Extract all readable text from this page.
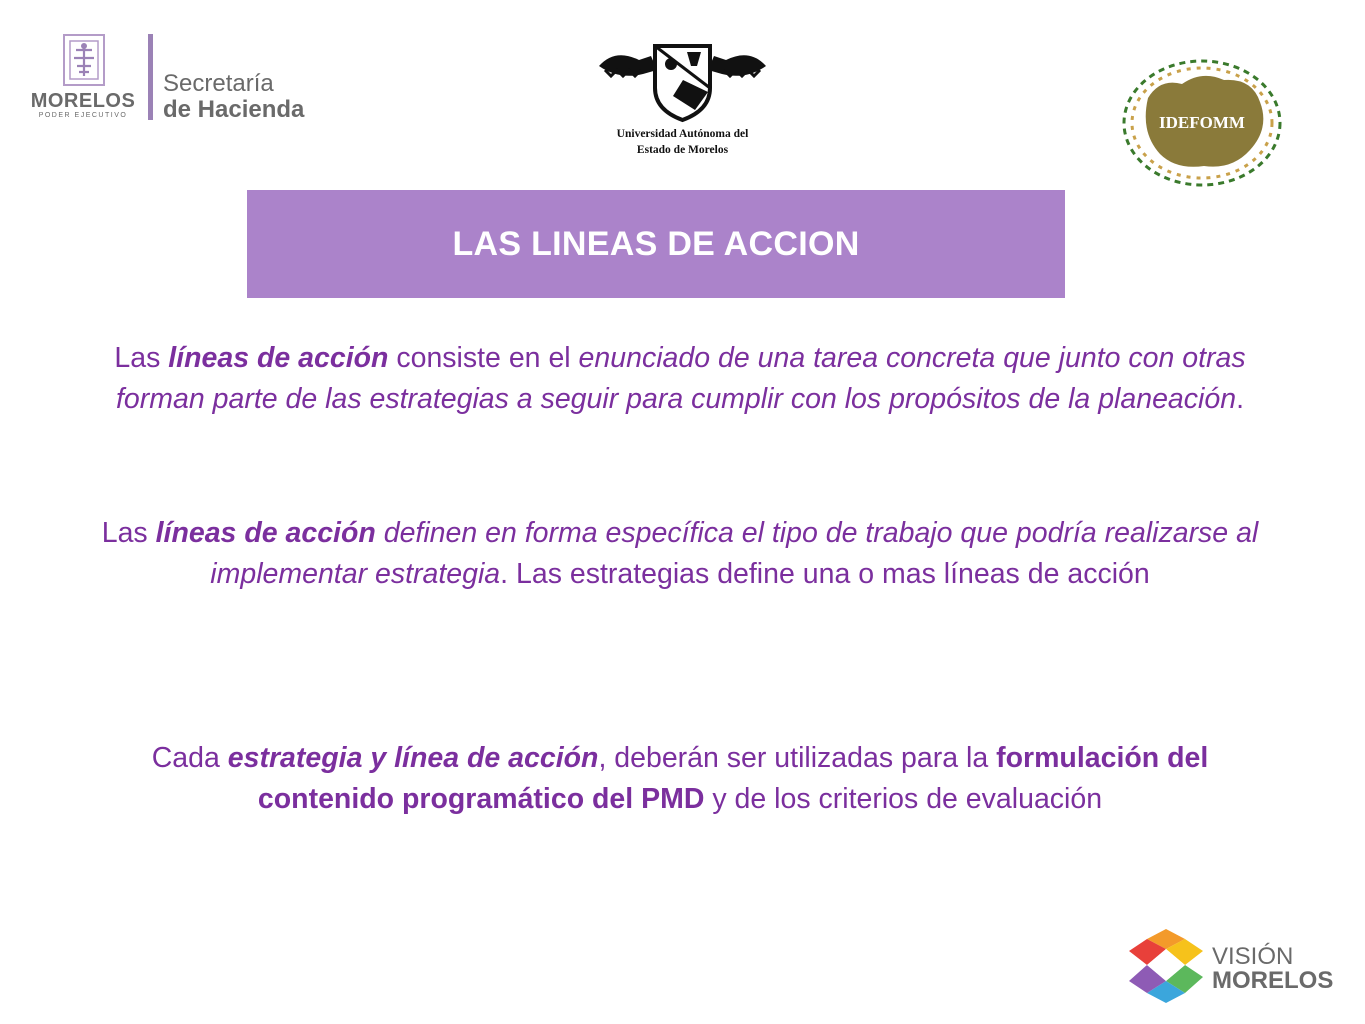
MORELOS
PODER EJECUTIVO
Secretaría
de Hacienda
Universidad Autónoma del
Estado de Morelos
IDEFOMM
LAS LINEAS DE ACCION
Las líneas de acción consiste en el enunciado de una tarea concreta que junto con otras forman parte de las estrategias a seguir para cumplir con los propósitos de la planeación.
Las líneas de acción definen en forma específica el tipo de trabajo que podría realizarse al implementar estrategia. Las estrategias define una o mas líneas de acción
Cada estrategia y línea de acción, deberán ser utilizadas para la formulación del contenido programático del PMD y de los criterios de evaluación
VISIÓN
MORELOS
